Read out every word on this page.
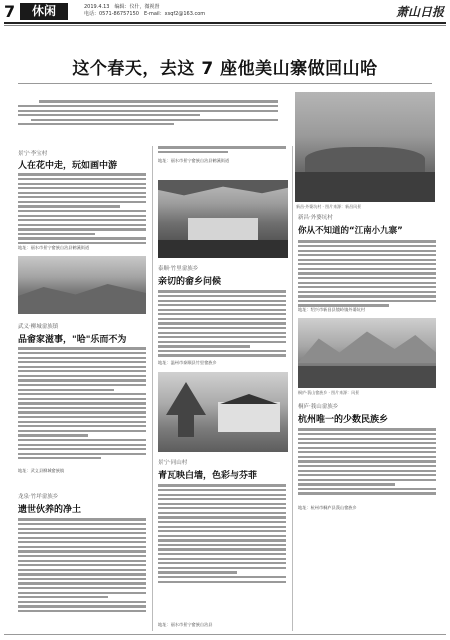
7	休闲	2019.4.13　 编辑：仪什，微视督
电话：0571-86757150　 E-mail：xsqf2@163.com	萧山日报
这个春天，去这 7 座他美山寨做回山哈
新昌·外婆坑村 · 图片来源：新昌风景
景宁·李宝村
人在花中走，玩如画中游
地址：丽水市景宁畲族自治县鹤溪街道
武义·柳城畲族镇
品畲家滋事，"哈"乐而不为
地址：武义县柳城畲族镇
龙泉·竹垟畲族乡
遗世伙养的净土
地址：丽水市景宁畲族自治县鹤溪街道
泰顺·竹里畲族乡
亲切的畲乡问候
地址：温州市泰顺县竹里畲族乡
景宁·同山村
青瓦映白墙，色彩与芬菲
地址：丽水市景宁畲族自治县
新昌·外婆坑村
你从不知道的“江南小九寨”
地址：绍兴市新昌县镜岭镇外婆坑村
桐庐·莪山畲族乡 · 图片来源：风景
桐庐·莪山畲族乡
杭州唯一的少数民族乡
地址：杭州市桐庐县莪山畲族乡
